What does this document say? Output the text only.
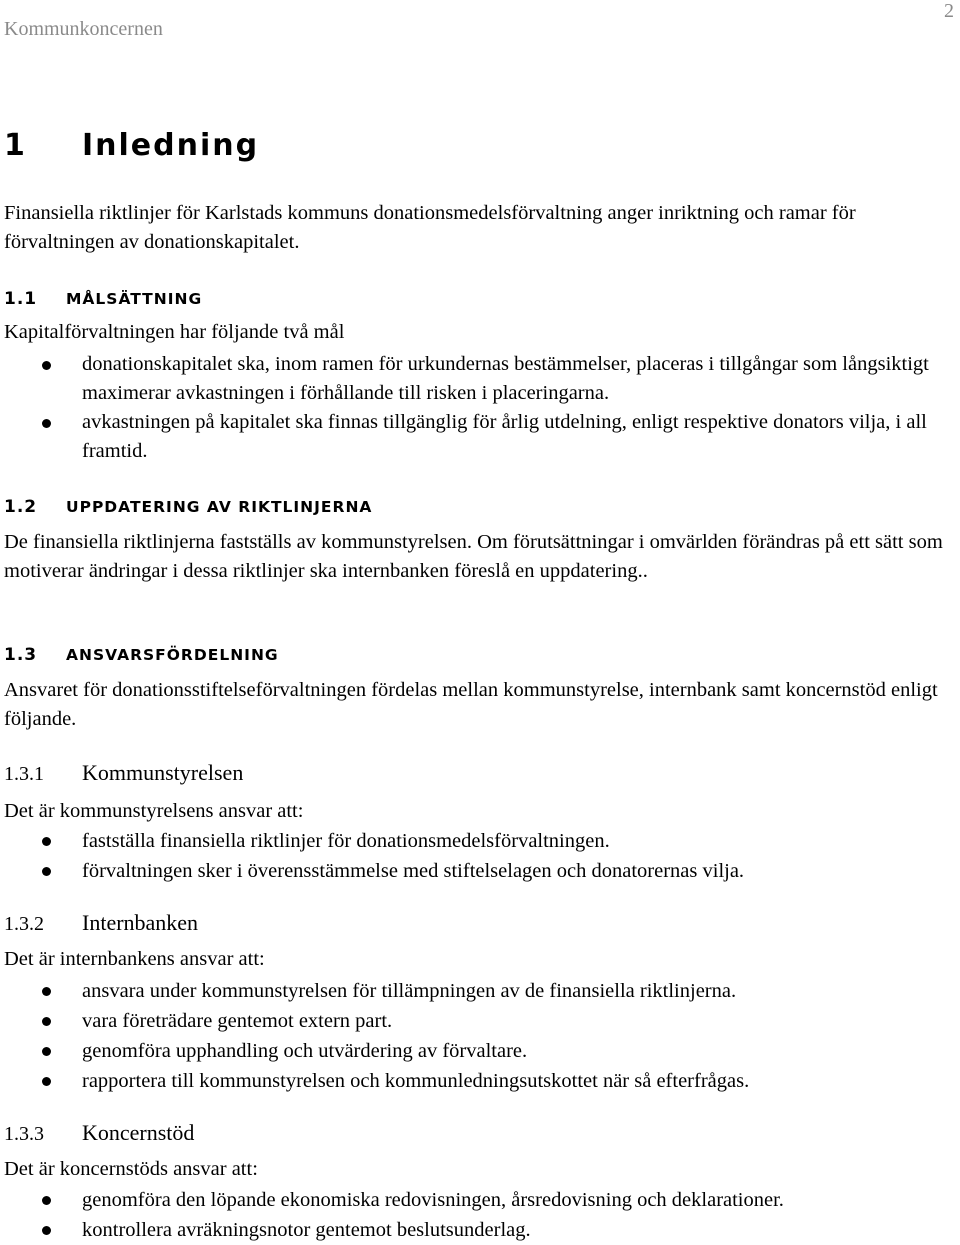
Kommunkoncernen
2
1 Inledning

Finansiella riktlinjer för Karlstads kommuns donationsmedelsförvaltning anger inriktning och ramar för förvaltningen av donationskapitalet.

1.1 MÅLSÄTTNING

Kapitalförvaltningen har följande två mål

donationskapitalet ska, inom ramen för urkundernas bestämmelser, placeras i tillgångar som långsiktigt maximerar avkastningen i förhållande till risken i placeringarna.
avkastningen på kapitalet ska finnas tillgänglig för årlig utdelning, enligt respektive donators vilja, i all framtid.
1.2 UPPDATERING AV RIKTLINJERNA

De finansiella riktlinjerna fastställs av kommunstyrelsen. Om förutsättningar i omvärlden förändras på ett sätt som motiverar ändringar i dessa riktlinjer ska internbanken föreslå en uppdatering..

1.3 ANSVARSFÖRDELNING

Ansvaret för donationsstiftelseförvaltningen fördelas mellan kommunstyrelse, internbank samt koncernstöd enligt följande.

1.3.1 Kommunstyrelsen

Det är kommunstyrelsens ansvar att:

fastställa finansiella riktlinjer för donationsmedelsförvaltningen.
förvaltningen sker i överensstämmelse med stiftelselagen och donatorernas vilja.
1.3.2 Internbanken

Det är internbankens ansvar att:

ansvara under kommunstyrelsen för tillämpningen av de finansiella riktlinjerna.
vara företrädare gentemot extern part.
genomföra upphandling och utvärdering av förvaltare.
rapportera till kommunstyrelsen och kommunledningsutskottet när så efterfrågas.
1.3.3 Koncernstöd

Det är koncernstöds ansvar att:

genomföra den löpande ekonomiska redovisningen, årsredovisning och deklarationer.
kontrollera avräkningsnotor gentemot beslutsunderlag.
